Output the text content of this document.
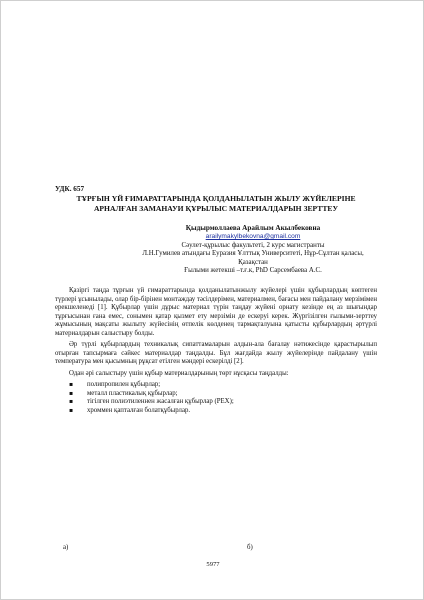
УДК. 657
ТҰРҒЫН ҮЙ ҒИМАРАТТАРЫНДА ҚОЛДАНЫЛАТЫН ЖЫЛУ ЖҮЙЕЛЕРІНЕ
АРНАЛҒАН ЗАМАНАУИ ҚҰРЫЛЫС МАТЕРИАЛДАРЫН ЗЕРТТЕУ
Қыдырмоллаева Арайлым Акылбековна
arailymakylbekovna@gmail.com
Сәулет-құрылыс факультеті, 2 курс магистранты
Л.Н.Гумилев атындағы Еуразия Ұлттық Университеті, Нұр-Сұлтан қаласы, Қазақстан
Ғылыми жетекші –т.ғ.к, PhD Сарсембаева А.С.

Қазіргі таңда тұрғын үй ғимараттарында қолданылатынжылу жүйелері үшін құбырлардың көптеген түрлері ұсынылады, олар бір-бірінен монтаждау тәсілдерімен, материалмен, бағасы мен пайдалану мерзімімен ерекшеленеді [1]. Құбырлар үшін дұрыс материал түрін таңдау жүйені орнату кезінде ең аз шығындар тұрғысынан ғана емес, сонымен қатар қызмет ету мерзімін де ескеруі керек. Жүргізілген ғылыми-зерттеу жұмысының мақсаты жылыту жүйесінің өтпелік көлденең тармақталуына қатысты құбырлардың әртүрлі материалдарын салыстыру болды.

Әр түрлі құбырлардың техникалық сипаттамаларын алдын-ала бағалау нәтижесінде қарастырылып отырған тапсырмаға сәйкес материалдар таңдалды. Бұл жағдайда жылу жүйелерінде пайдалану үшін температура мен қысымның рұқсат етілген мәндері ескерілді [2].

Одан әрі салыстыру үшін құбыр материалдарының төрт нұсқасы таңдалды:

▪ полипропилен құбырлар;
▪ металл пластикалық құбырлар;
▪ тігілген полиэтиленнен жасалған құбырлар (PEX);
▪ хроммен қапталған болатқұбырлар.
а)	б)
5977
